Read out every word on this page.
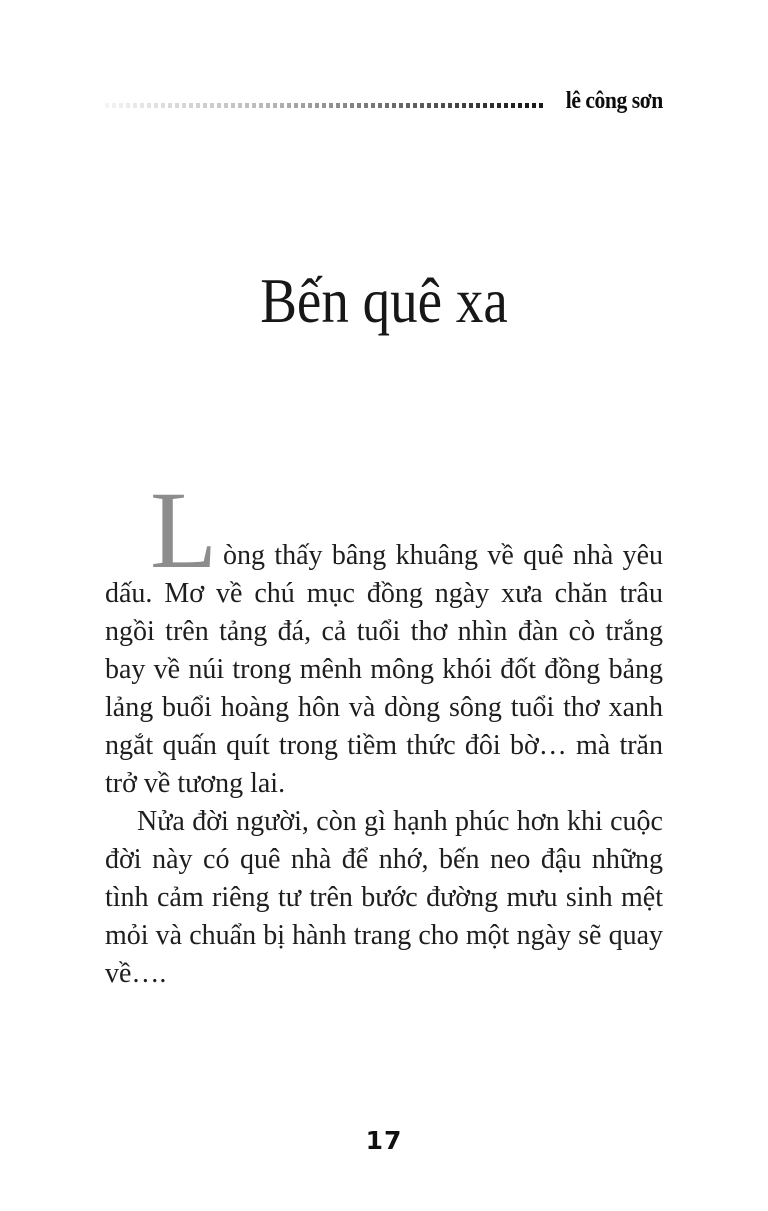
lê công sơn
Bến quê xa
L òng thấy bâng khuâng về quê nhà yêu dấu. Mơ về chú mục đồng ngày xưa chăn trâu ngồi trên tảng đá, cả tuổi thơ nhìn đàn cò trắng bay về núi trong mênh mông khói đốt đồng bảng lảng buổi hoàng hôn và dòng sông tuổi thơ xanh ngắt quấn quít trong tiềm thức đôi bờ… mà trăn trở về tương lai.

Nửa đời người, còn gì hạnh phúc hơn khi cuộc đời này có quê nhà để nhớ, bến neo đậu những tình cảm riêng tư trên bước đường mưu sinh mệt mỏi và chuẩn bị hành trang cho một ngày sẽ quay về….

17
